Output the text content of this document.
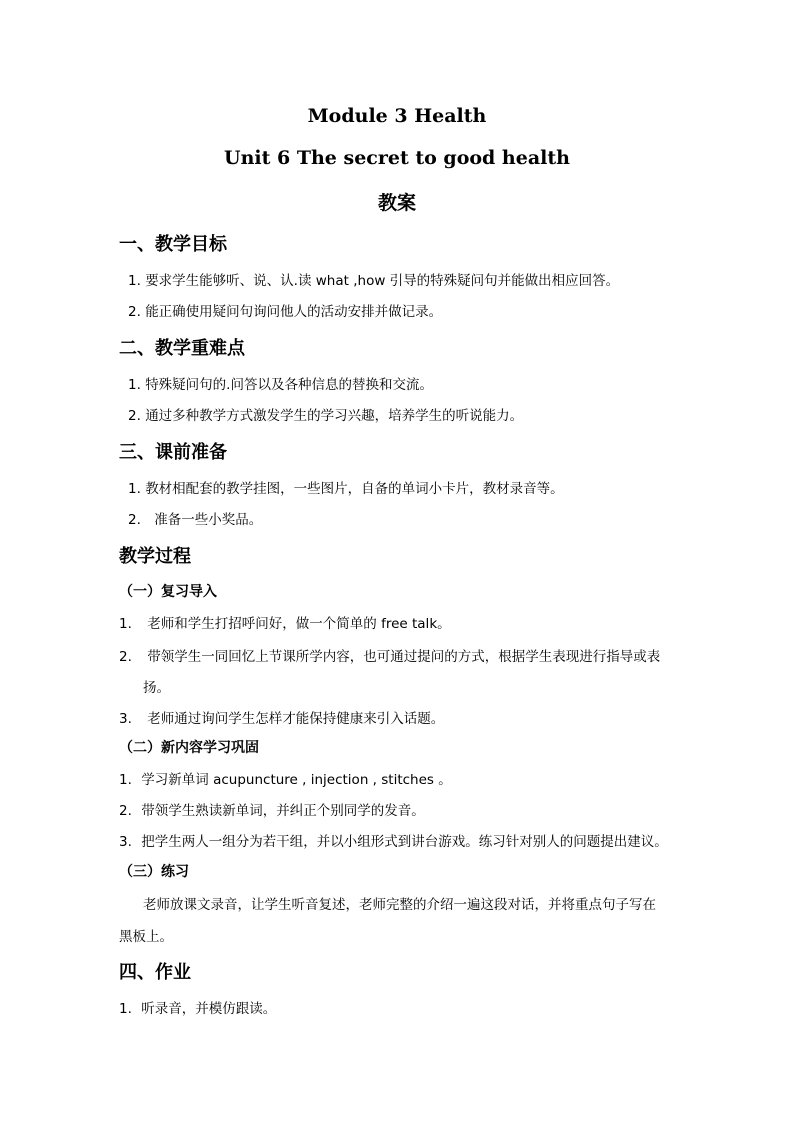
Module 3 Health
Unit 6 The secret to good health
教案
一、教学目标
1. 要求学生能够听、说、认.读 what ,how 引导的特殊疑问句并能做出相应回答。
2. 能正确使用疑问句询问他人的活动安排并做记录。
二、教学重难点
1. 特殊疑问句的.问答以及各种信息的替换和交流。
2. 通过多种教学方式激发学生的学习兴趣，培养学生的听说能力。
三、课前准备
1. 教材相配套的教学挂图，一些图片，自备的单词小卡片，教材录音等。
2. 准备一些小奖品。
教学过程
（一）复习导入
1. 老师和学生打招呼问好，做一个简单的 free talk。
2. 带领学生一同回忆上节课所学内容，也可通过提问的方式，根据学生表现进行指导或表
扬。
3. 老师通过询问学生怎样才能保持健康来引入话题。
（二）新内容学习巩固
1. 学习新单词 acupuncture , injection , stitches 。
2. 带领学生熟读新单词，并纠正个别同学的发音。
3. 把学生两人一组分为若干组，并以小组形式到讲台游戏。练习针对别人的问题提出建议。
（三）练习
老师放课文录音，让学生听音复述，老师完整的介绍一遍这段对话，并将重点句子写在
黑板上。
四、作业
1. 听录音，并模仿跟读。
